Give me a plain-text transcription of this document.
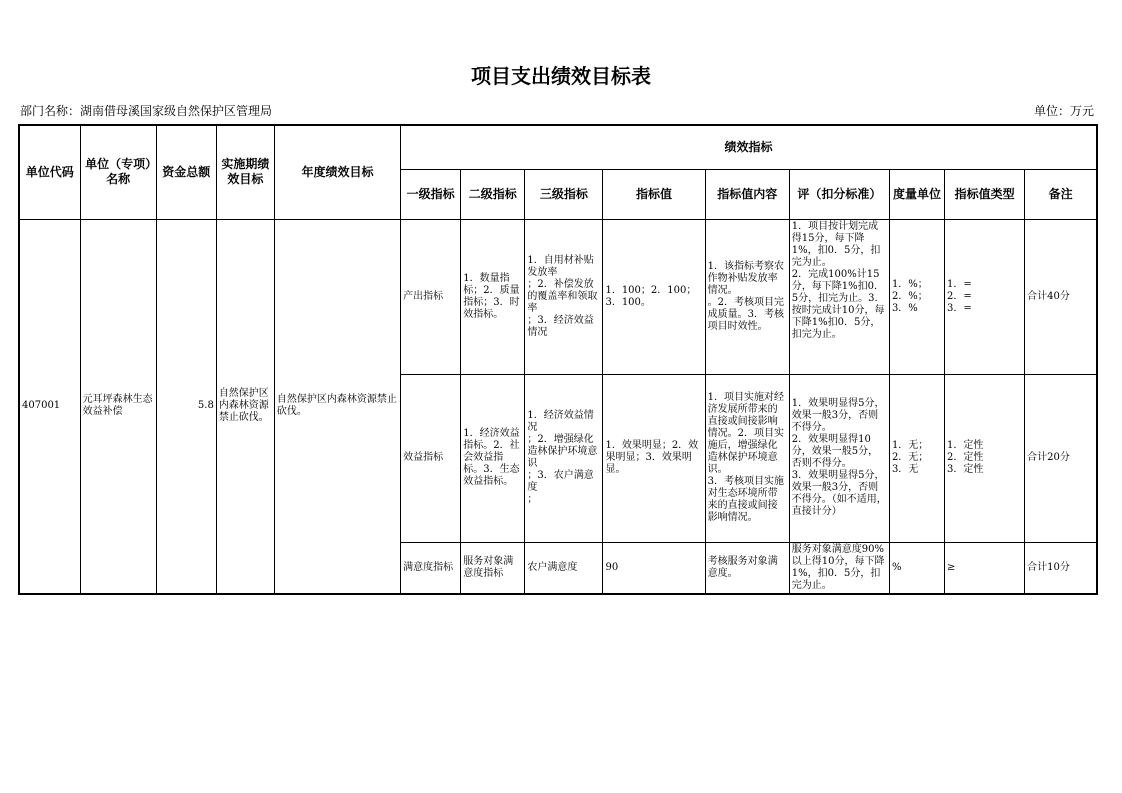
项目支出绩效目标表
部门名称：湖南借母溪国家级自然保护区管理局	单位：万元
单位代码	单位（专项）名称	资金总额	实施期绩效目标	年度绩效目标	绩效指标								
					一级指标	二级指标	三级指标	指标值	指标值内容	评（扣分标准）	度量单位	指标值类型	备注
407001	元耳坪森林生态效益补偿	5.8	自然保护区内森林资源禁止砍伐。	自然保护区内森林资源禁止砍伐。	产出指标	1．数量指标；2．质量指标；3．时效指标。	1．自用材补贴发放率
；2．补偿发放的覆盖率和领取率
；3．经济效益情况	1．100；2．100；3．100。	1．该指标考察农作物补贴发放率情况。
。2．考核项目完成质量。3．考核项目时效性。	1．项目按计划完成得15分，每下降1%，扣0．5分，扣完为止。
2．完成100%计15分，每下降1%扣0．5分，扣完为止。3．按时完成计10分，每下降1%扣0．5分，扣完为止。	1．%；2．%；3．%	1．=
2．=
3．=	合计40分
					效益指标	1．经济效益指标。2．社会效益指标。3．生态效益指标。	1．经济效益情况
；2．增强绿化造林保护环境意识
；3．农户满意度
；	1．效果明显；2．效果明显；3．效果明显。	1．项目实施对经济发展所带来的直接或间接影响情况。2．项目实施后，增强绿化造林保护环境意识。
3．考核项目实施对生态环境所带来的直接或间接影响情况。	1．效果明显得5分，效果一般3分，否则不得分。
2．效果明显得10分，效果一般5分，否则不得分。
3．效果明显得5分，效果一般3分，否则不得分。（如不适用，直接计分）	1．无；2．无；3．无	1．定性
2．定性
3．定性	合计20分
					满意度指标	服务对象满意度指标	农户满意度	90	考核服务对象满意度。	服务对象满意度90%以上得10分，每下降1%，扣0．5分，扣完为止。	%	≥	合计10分
